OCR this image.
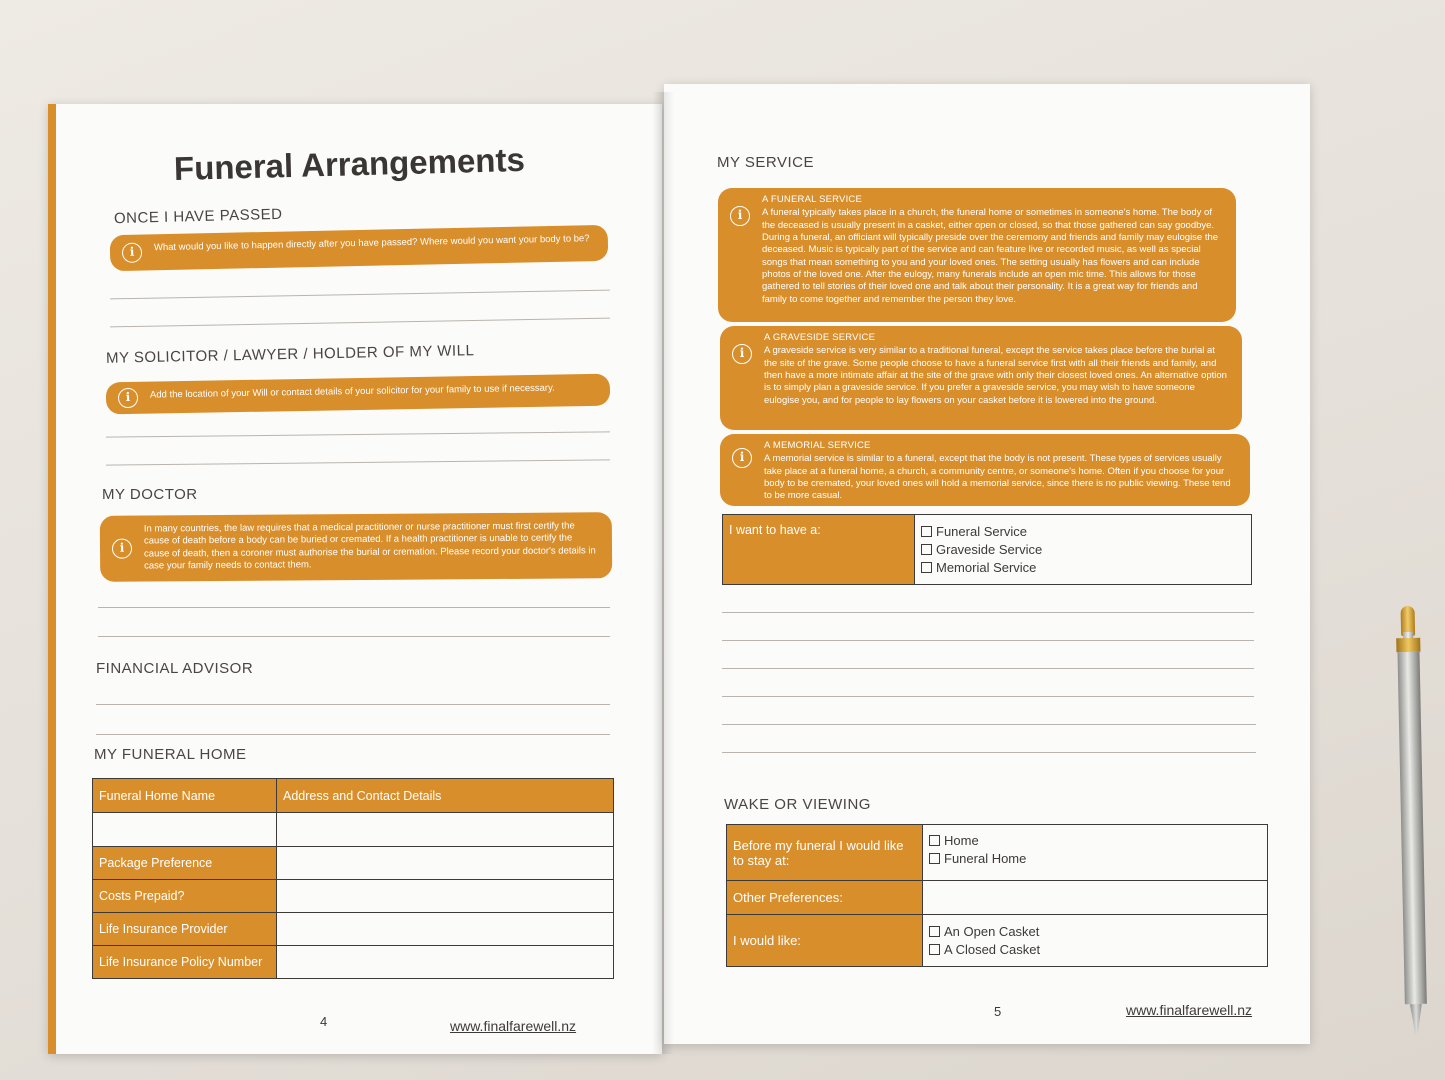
Funeral Arrangements
ONCE I HAVE PASSED
i	What would you like to happen directly after you have passed? Where would you want your body to be?
MY SOLICITOR / LAWYER / HOLDER OF MY WILL
i	Add the location of your Will or contact details of your solicitor for your family to use if necessary.
MY DOCTOR
i
In many countries, the law requires that a medical practitioner or nurse practitioner must first certify the cause of death before a body can be buried or cremated. If a health practitioner is unable to certify the cause of death, then a coroner must authorise the burial or cremation. Please record your doctor's details in case your family needs to contact them.
FINANCIAL ADVISOR
MY FUNERAL HOME
Funeral Home Name	Address and Contact Details

Package Preference	
Costs Prepaid?	
Life Insurance Provider	
Life Insurance Policy Number	
4	www.finalfarewell.nz
MY SERVICE
i
A FUNERAL SERVICE
A funeral typically takes place in a church, the funeral home or sometimes in someone's home. The body of the deceased is usually present in a casket, either open or closed, so that those gathered can say goodbye. During a funeral, an officiant will typically preside over the ceremony and friends and family may eulogise the deceased. Music is typically part of the service and can feature live or recorded music, as well as special songs that mean something to you and your loved ones. The setting usually has flowers and can include photos of the loved one. After the eulogy, many funerals include an open mic time. This allows for those gathered to tell stories of their loved one and talk about their personality. It is a great way for friends and family to come together and remember the person they love.
i
A GRAVESIDE SERVICE
A graveside service is very similar to a traditional funeral, except the service takes place before the burial at the site of the grave. Some people choose to have a funeral service first with all their friends and family, and then have a more intimate affair at the site of the grave with only their closest loved ones. An alternative option is to simply plan a graveside service. If you prefer a graveside service, you may wish to have someone eulogise you, and for people to lay flowers on your casket before it is lowered into the ground.
i
A MEMORIAL SERVICE
A memorial service is similar to a funeral, except that the body is not present. These types of services usually take place at a funeral home, a church, a community centre, or someone's home. Often if you choose for your body to be cremated, your loved ones will hold a memorial service, since there is no public viewing. These tend to be more casual.
I want to have a:	Funeral Service
Graveside Service
Memorial Service
WAKE OR VIEWING
Before my funeral I would like to stay at:	Home
Funeral Home

Other Preferences:	
I would like:	An Open Casket
A Closed Casket
5	www.finalfarewell.nz
